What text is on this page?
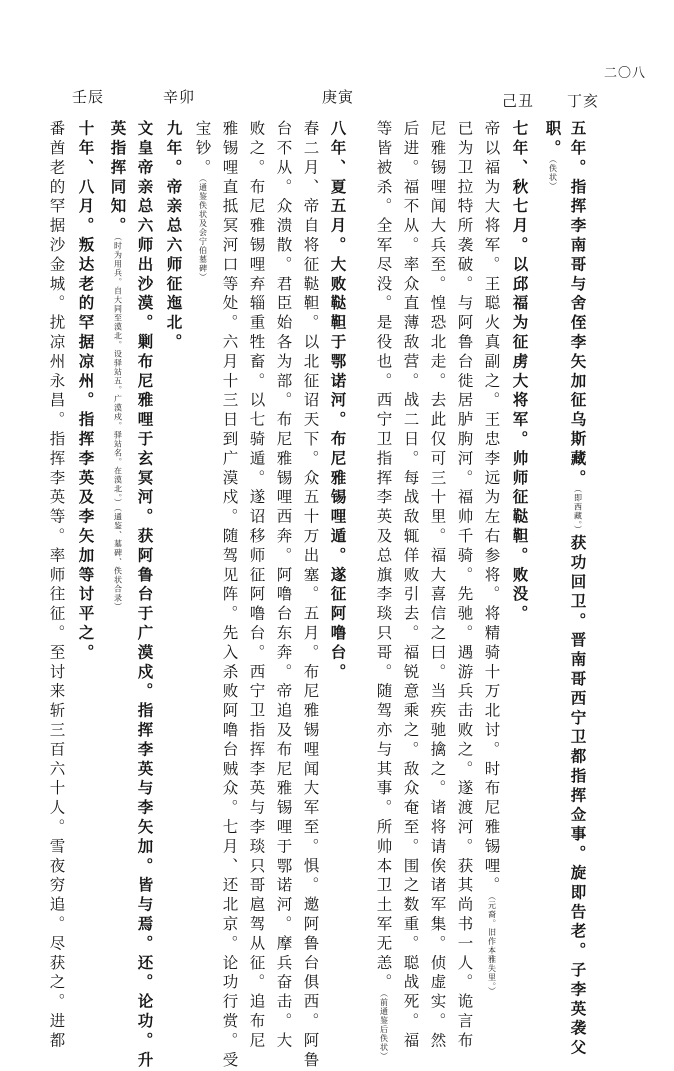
二〇八
丁亥
己丑
庚寅
辛卯
壬辰
五年。指挥李南哥与舍侄李矢加征乌斯藏。（即西藏。）获功回卫。晋南哥西宁卫都指挥佥事。旋即告老。子李英袭父
职。（佚状）
七年、秋七月。以邱福为征虏大将军。帅师征鞑靼。败没。
帝以福为大将军。王聪火真副之。王忠李远为左右参将。将精骑十万北讨。时布尼雅锡哩。（元裔。旧作本雅失里。）
已为卫拉特所袭破。与阿鲁台徙居胪朐河。福帅千骑。先驰。遇游兵击败之。遂渡河。获其尚书一人。诡言布
尼雅锡哩闻大兵至。惶恐北走。去此仅可三十里。福大喜信之曰。当疾驰擒之。诸将请俟诸军集。侦虚实。然
后进。福不从。率众直薄敌营。战二日。每战敌辄佯败引去。福锐意乘之。敌众奄至。围之数重。聪战死。福
等皆被杀。全军尽没。是役也。西宁卫指挥李英及总旗李琰只哥。随驾亦与其事。所帅本卫土军无恙。（前通鉴后佚状）
八年、夏五月。大败鞑靼于鄂诺河。布尼雅锡哩遁。遂征阿噜台。
春二月、帝自将征鞑靼。以北征诏天下。众五十万出塞。五月。布尼雅锡哩闻大军至。惧。邀阿鲁台俱西。阿鲁
台不从。众溃散。君臣始各为部。布尼雅锡哩西奔。阿噜台东奔。帝追及布尼雅锡哩于鄂诺河。摩兵奋击。大
败之。布尼雅锡哩弃辎重牲畜。以七骑遁。遂诏移师征阿噜台。西宁卫指挥李英与李琰只哥扈驾从征。追布尼
雅锡哩直抵冥河口等处。六月十三日到广漠戍。随驾见阵。先入杀败阿噜台贼众。七月、还北京。论功行赏。受
宝钞。（通鉴佚状及会宁伯墓碑）
九年。帝亲总六师征迤北。
文皇帝亲总六师出沙漠。剿布尼雅哩于玄冥河。获阿鲁台于广漠戍。指挥李英与李矢加。皆与焉。还。论功。升
英指挥同知。（时为用兵。自大同至漠北。设驿站五。广漠戍。驿站名。在漠北。）（通鉴、墓碑、佚状合录）
十年、八月。叛达老的罕据凉州。指挥李英及李矢加等讨平之。
番酋老的罕据沙金城。扰凉州永昌。指挥李英等。率师往征。至讨来斩三百六十人。雪夜穷追。尽获之。进都
